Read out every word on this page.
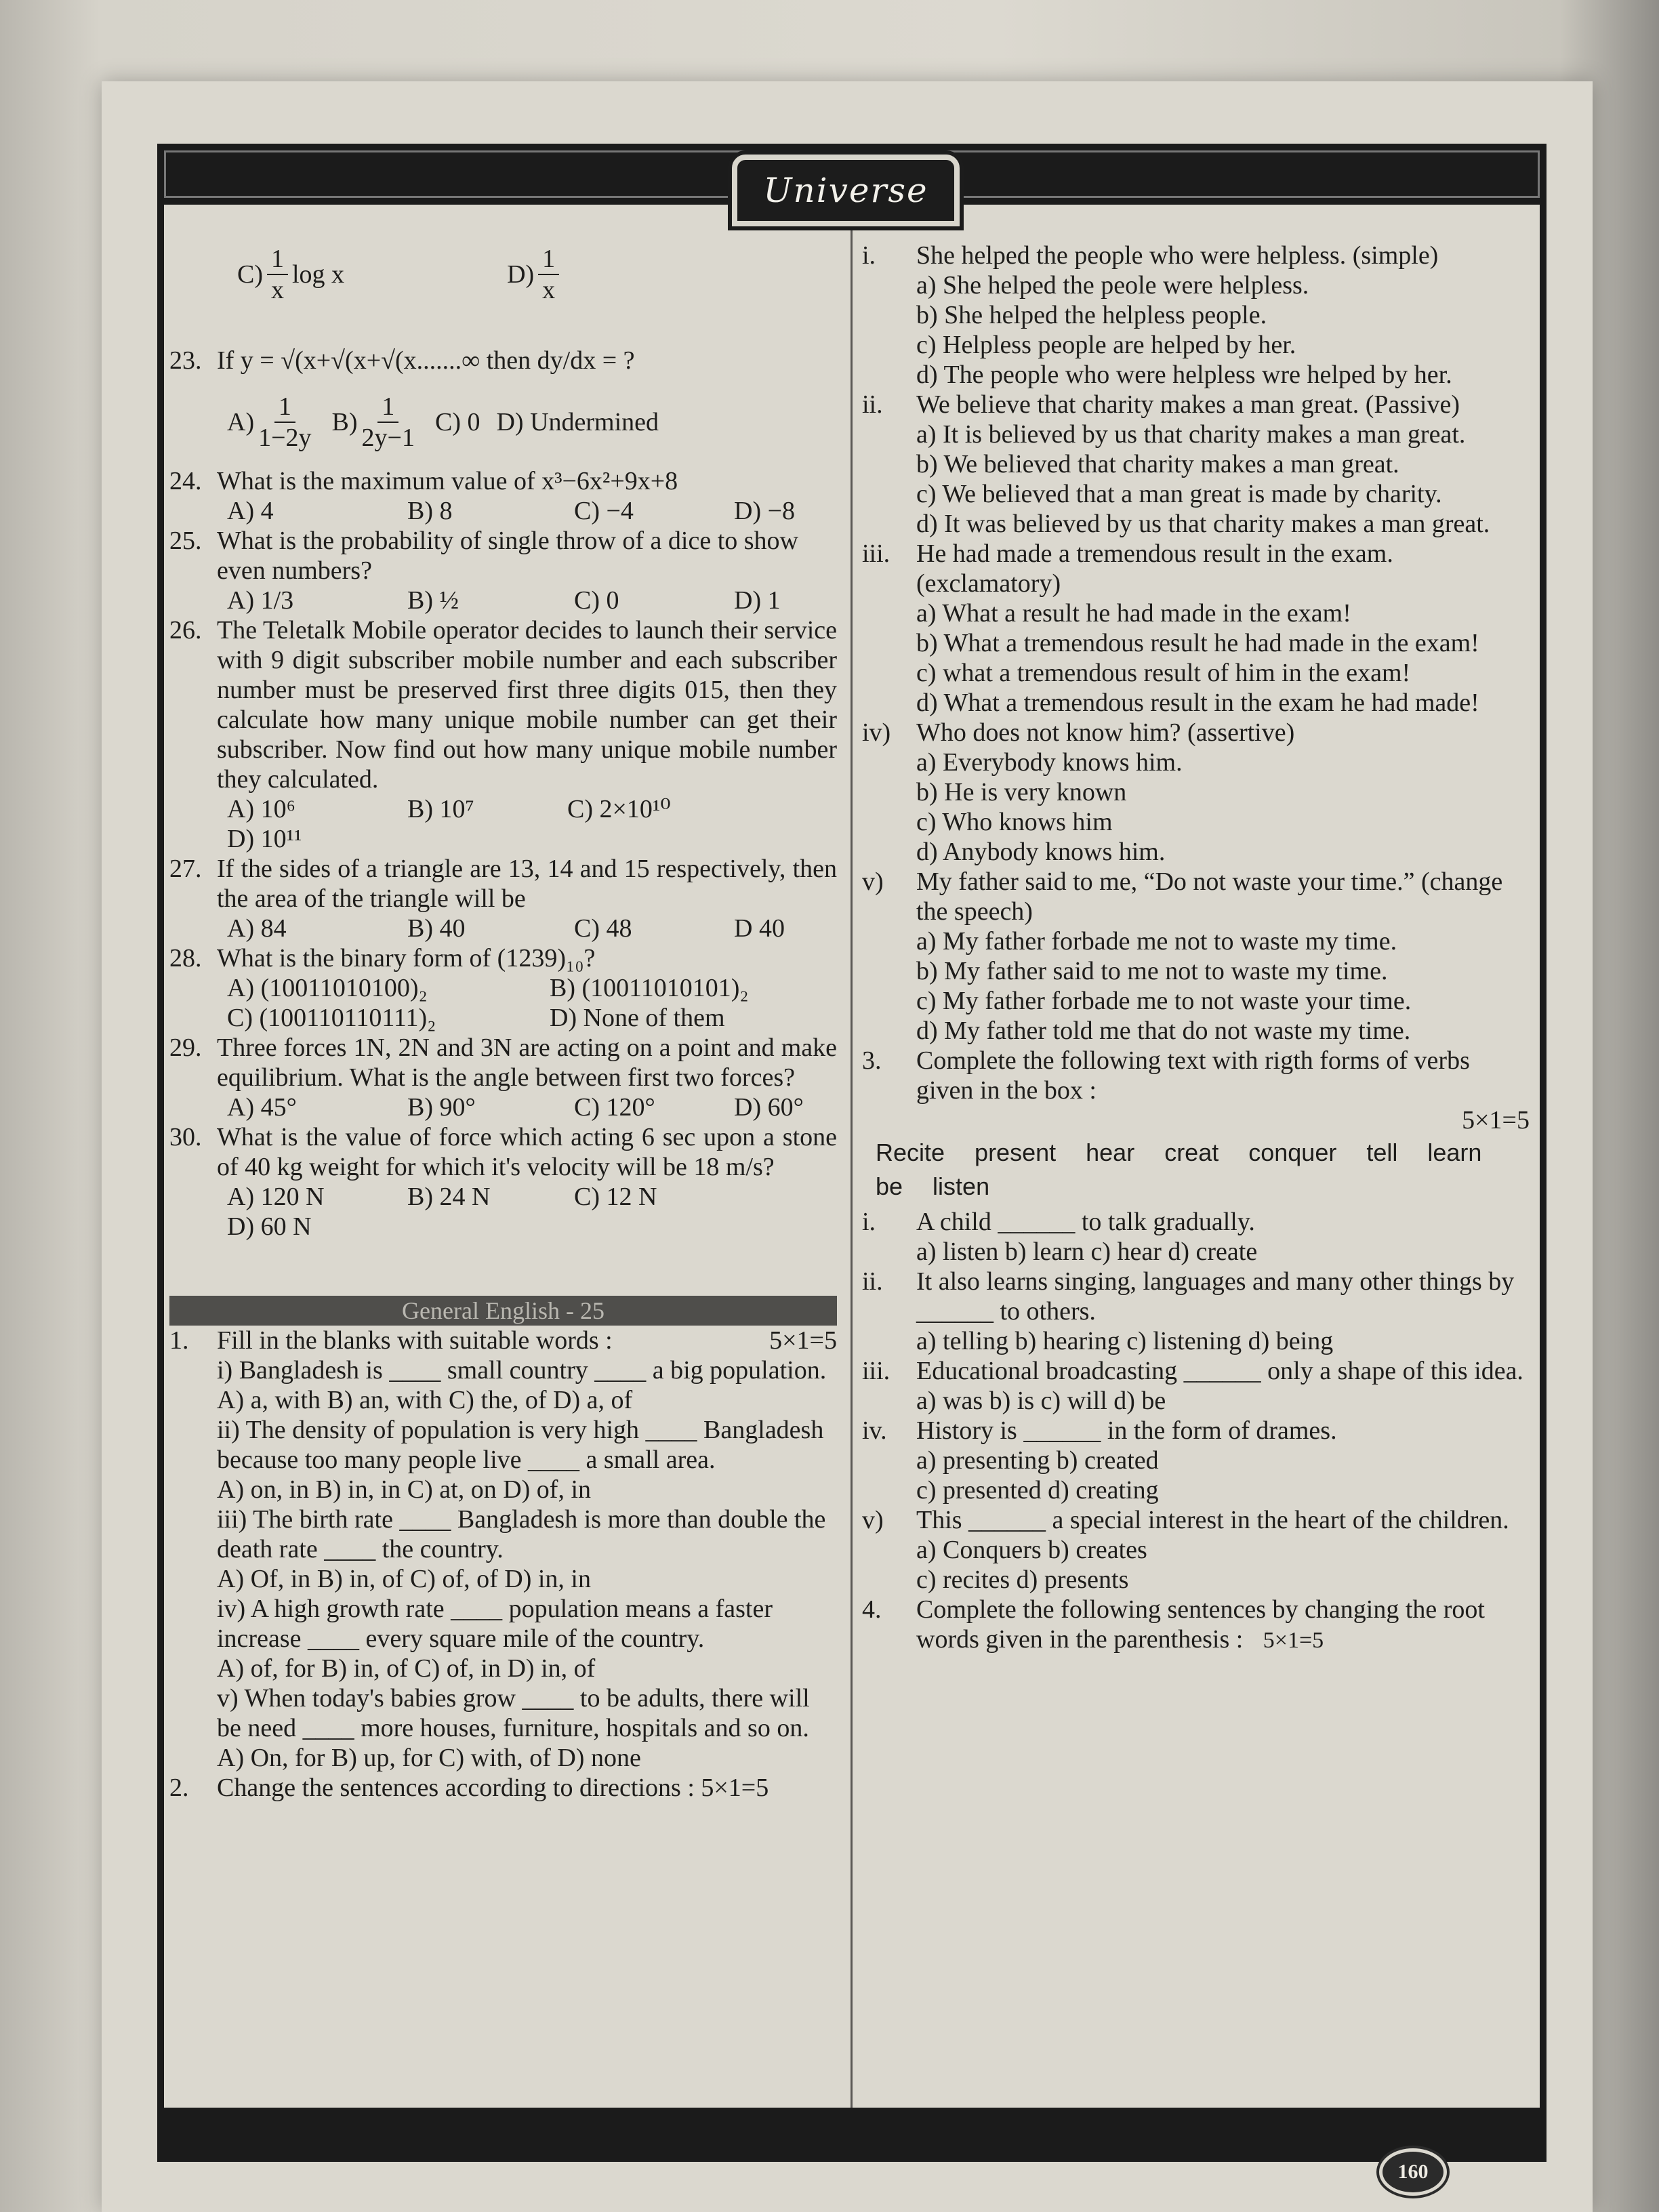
Universe
$C) \frac{1}{x}$ log x	$D) \frac{1}{x}$
23. If y = √(x+√(x+√(x.......∞ then dy/dx = ?
$A) \frac{1}{1-2y} B) \frac{1}{2y-1} C$) 0 D) Undermined
24. What is the maximum value of x³−6x²+9x+8
A) 4	B) 8	C) −4	D) −8
25. What is the probability of single throw of a dice to show even numbers?
A) 1/3	B) ½	C) 0	D) 1
26. The Teletalk Mobile operator decides to launch their service with 9 digit subscriber mobile number and each subscriber number must be preserved first three digits 015, then they calculate how many unique mobile number can get their subscriber. Now find out how many unique mobile number they calculated.
A) 10⁶	B) 10⁷	C) 2×10¹⁰
D) 10¹¹
27. If the sides of a triangle are 13, 14 and 15 respectively, then the area of the triangle will be
A) 84	B) 40	C) 48	D 40
28. What is the binary form of (1239)₁₀?
A) (10011010100)₂	B) (10011010101)₂
C) (100110110111)₂	D) None of them
29. Three forces 1N, 2N and 3N are acting on a point and make equilibrium. What is the angle between first two forces?
A) 45°	B) 90°	C) 120°	D) 60°
30. What is the value of force which acting 6 sec upon a stone of 40 kg weight for which it's velocity will be 18 m/s?
A) 120 N	B) 24 N	C) 12 N
D) 60 N
General English - 25
1.	Fill in the blanks with suitable words :	5×1=5
i) Bangladesh is ____ small country ____ a big population.
A) a, with B) an, with C) the, of D) a, of
ii) The density of population is very high ____ Bangladesh because too many people live ____ a small area.
A) on, in B) in, in C) at, on D) of, in
iii) The birth rate ____ Bangladesh is more than double the death rate ____ the country.
A) Of, in B) in, of C) of, of D) in, in
iv) A high growth rate ____ population means a faster increase ____ every square mile of the country.
A) of, for B) in, of C) of, in D) in, of
v) When today's babies grow ____ to be adults, there will be need ____ more houses, furniture, hospitals and so on.
A) On, for B) up, for C) with, of D) none
2.	Change the sentences according to directions : 5×1=5
i.	She helped the people who were helpless. (simple)
a) She helped the peole were helpless.
b) She helped the helpless people.
c) Helpless people are helped by her.
d) The people who were helpless wre helped by her.
ii.	We believe that charity makes a man great. (Passive)
a) It is believed by us that charity makes a man great.
b) We believed that charity makes a man great.
c) We believed that a man great is made by charity.
d) It was believed by us that charity makes a man great.
iii.	He had made a tremendous result in the exam. (exclamatory)
a) What a result he had made in the exam!
b) What a tremendous result he had made in the exam!
c) what a tremendous result of him in the exam!
d) What a tremendous result in the exam he had made!
iv) Who does not know him? (assertive)
a) Everybody knows him.
b) He is very known
c) Who knows him
d) Anybody knows him.
v)	My father said to me, “Do not waste your time.” (change the speech)
a) My father forbade me not to waste my time.
b) My father said to me not to waste my time.
c) My father forbade me to not waste your time.
d) My father told me that do not waste my time.
3.	Complete the following text with rigth forms of verbs given in the box :
5×1=5
Recite present hear creat conquer tell learn
be listen
i.	A child ______ to talk gradually.
a) listen b) learn c) hear d) create
ii.	It also learns singing, languages and many other things by ______ to others.
a) telling b) hearing c) listening d) being
iii.	Educational broadcasting ______ only a shape of this idea.
a) was b) is c) will d) be
iv.	History is ______ in the form of drames.
a) presenting b) created
c) presented d) creating
v)	This ______ a special interest in the heart of the children.
a) Conquers b) creates
c) recites d) presents
4.	Complete the following sentences by changing the root words given in the parenthesis : 5×1=5
160
